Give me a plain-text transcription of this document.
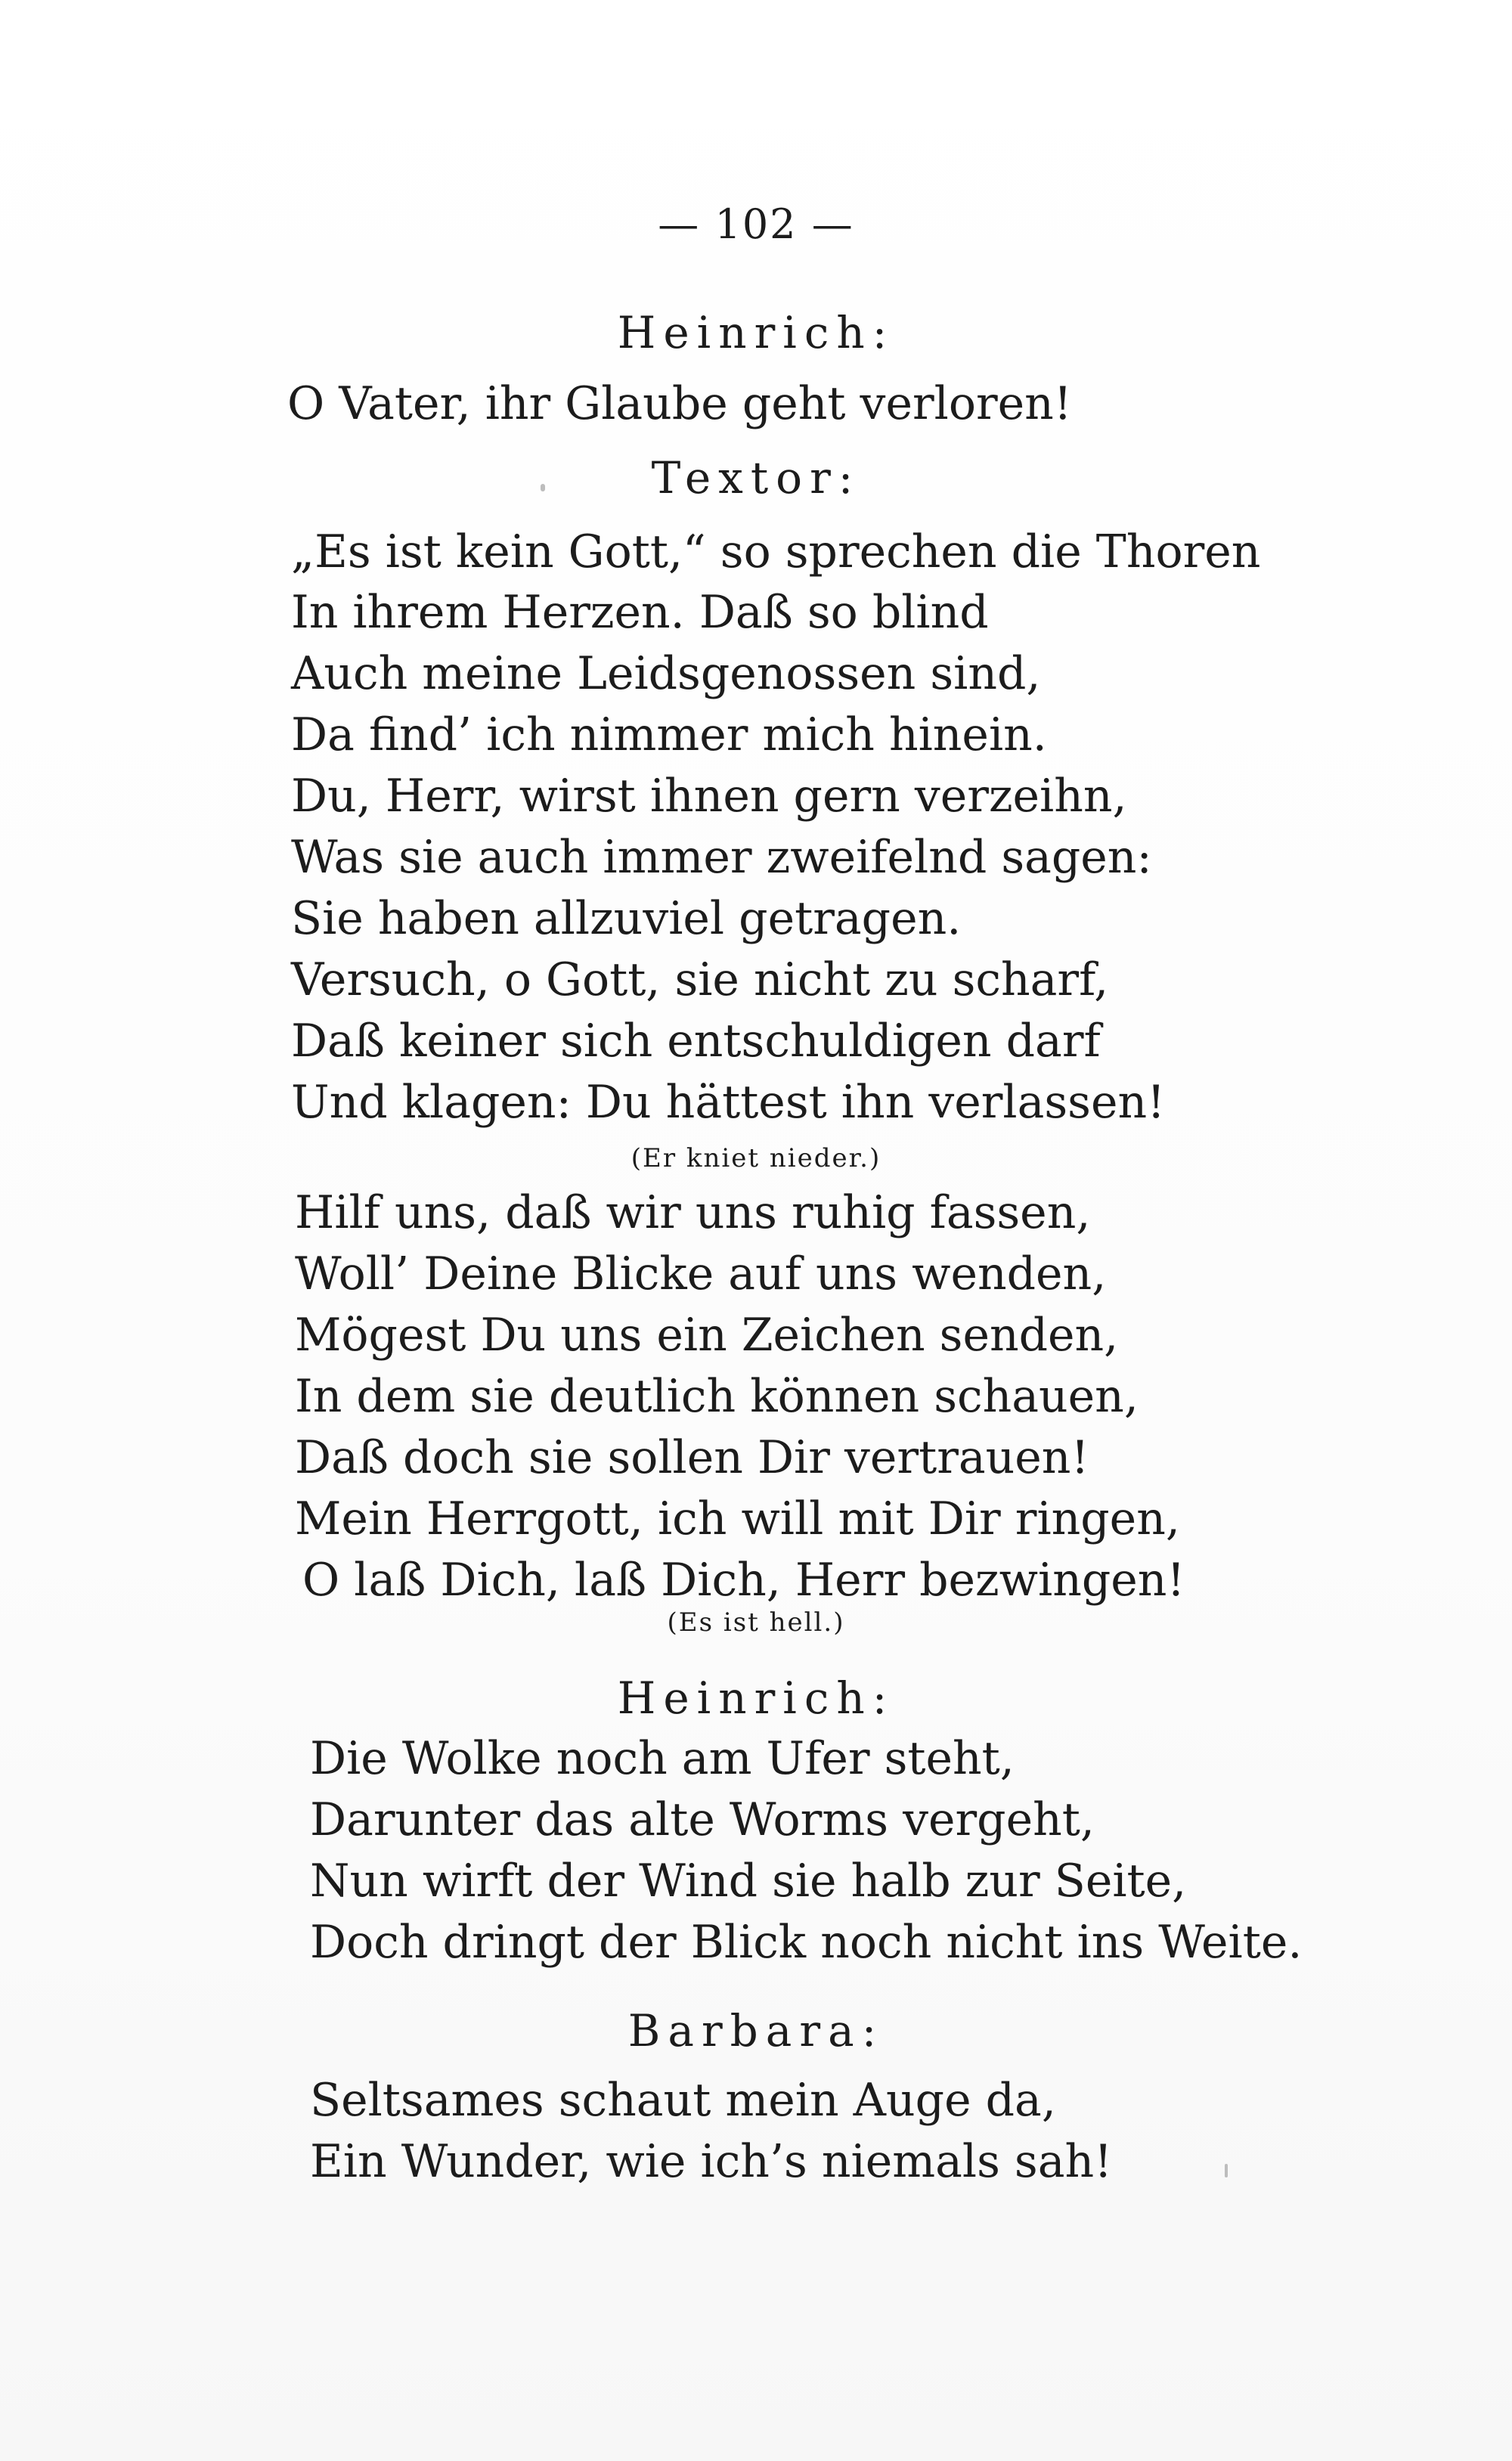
— 102 —
Heinrich:
O Vater, ihr Glaube geht verloren!
Textor:
„Es ist kein Gott,“ so sprechen die Thoren
In ihrem Herzen. Daß so blind
Auch meine Leidsgenossen sind,
Da find’ ich nimmer mich hinein.
Du, Herr, wirst ihnen gern verzeihn,
Was sie auch immer zweifelnd sagen:
Sie haben allzuviel getragen.
Versuch, o Gott, sie nicht zu scharf,
Daß keiner sich entschuldigen darf
Und klagen: Du hättest ihn verlassen!
(Er kniet nieder.)
Hilf uns, daß wir uns ruhig fassen,
Woll’ Deine Blicke auf uns wenden,
Mögest Du uns ein Zeichen senden,
In dem sie deutlich können schauen,
Daß doch sie sollen Dir vertrauen!
Mein Herrgott, ich will mit Dir ringen,
O laß Dich, laß Dich, Herr bezwingen!
(Es ist hell.)
Heinrich:
Die Wolke noch am Ufer steht,
Darunter das alte Worms vergeht,
Nun wirft der Wind sie halb zur Seite,
Doch dringt der Blick noch nicht ins Weite.
Barbara:
Seltsames schaut mein Auge da,
Ein Wunder, wie ich’s niemals sah!
